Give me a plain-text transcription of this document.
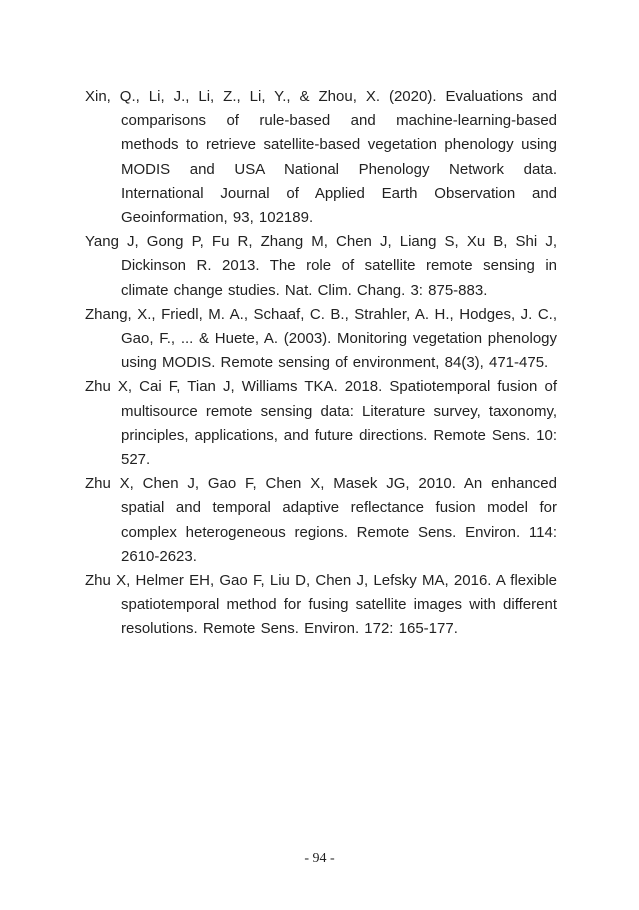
Xin, Q., Li, J., Li, Z., Li, Y., & Zhou, X. (2020). Evaluations and comparisons of rule-based and machine-learning-based methods to retrieve satellite-based vegetation phenology using MODIS and USA National Phenology Network data. International Journal of Applied Earth Observation and Geoinformation, 93, 102189.

Yang J, Gong P, Fu R, Zhang M, Chen J, Liang S, Xu B, Shi J, Dickinson R. 2013. The role of satellite remote sensing in climate change studies. Nat. Clim. Chang. 3: 875-883.

Zhang, X., Friedl, M. A., Schaaf, C. B., Strahler, A. H., Hodges, J. C., Gao, F., ... & Huete, A. (2003). Monitoring vegetation phenology using MODIS. Remote sensing of environment, 84(3), 471-475.

Zhu X, Cai F, Tian J, Williams TKA. 2018. Spatiotemporal fusion of multisource remote sensing data: Literature survey, taxonomy, principles, applications, and future directions. Remote Sens. 10: 527.

Zhu X, Chen J, Gao F, Chen X, Masek JG, 2010. An enhanced spatial and temporal adaptive reflectance fusion model for complex heterogeneous regions. Remote Sens. Environ. 114: 2610-2623.

Zhu X, Helmer EH, Gao F, Liu D, Chen J, Lefsky MA, 2016. A flexible spatiotemporal method for fusing satellite images with different resolutions. Remote Sens. Environ. 172: 165-177.

- 94 -
